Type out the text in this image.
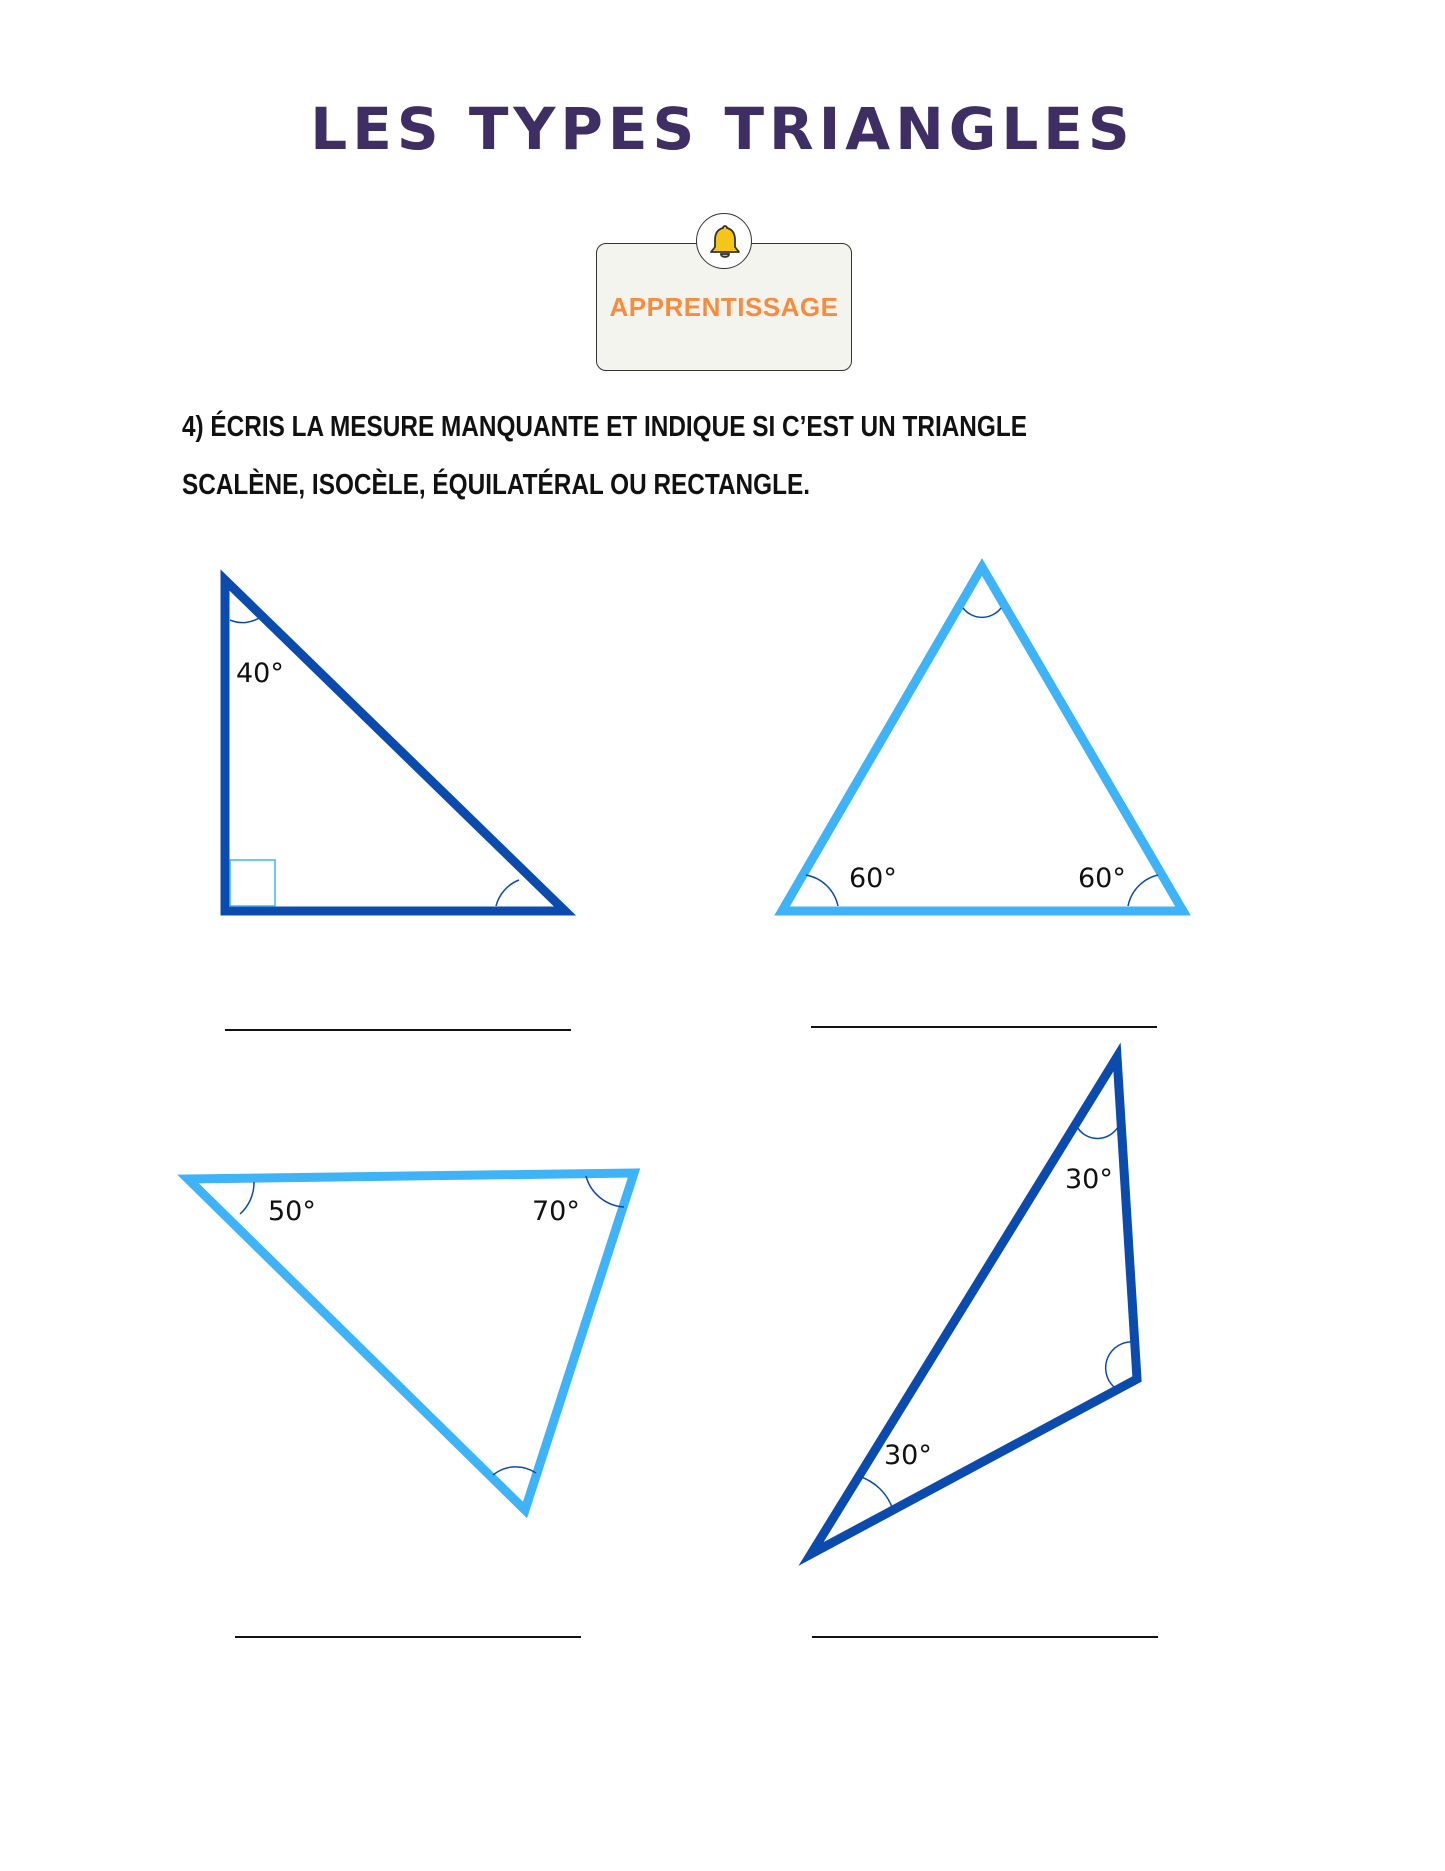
LES TYPES TRIANGLES
APPRENTISSAGE

4) ÉCRIS LA MESURE MANQUANTE ET INDIQUE SI C’EST UN TRIANGLE SCALÈNE, ISOCÈLE, ÉQUILATÉRAL OU RECTANGLE.

40°
60°	60°
50°	70°
30°
30°
